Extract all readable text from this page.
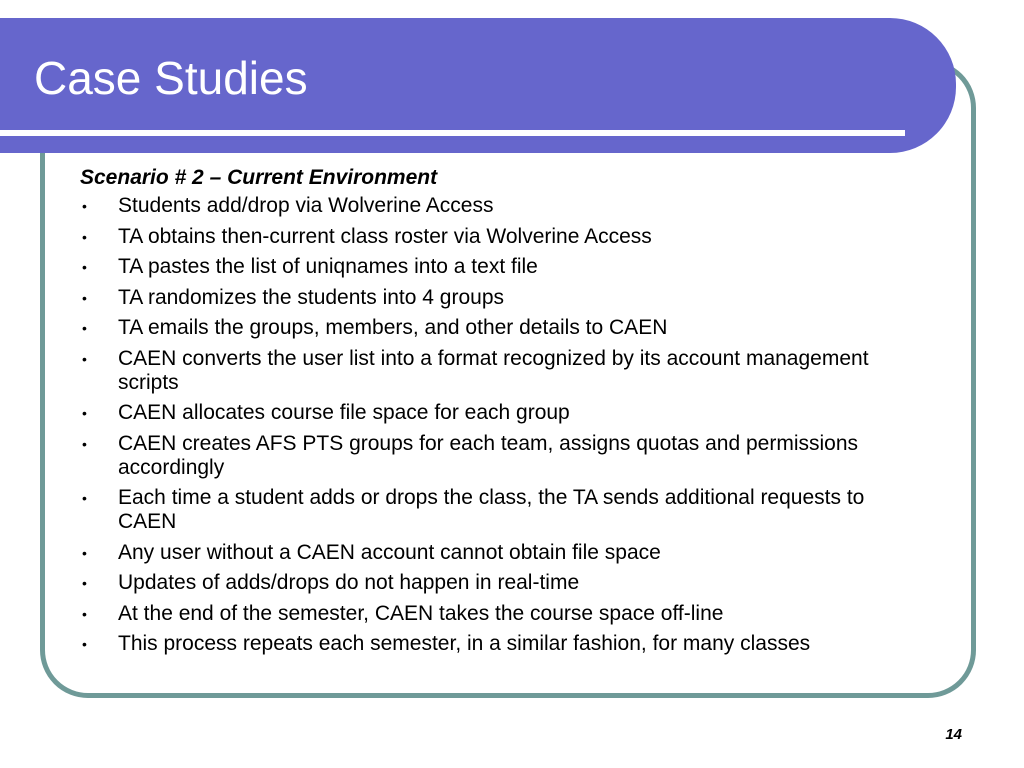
Case Studies
Scenario # 2 – Current Environment
• Students add/drop via Wolverine Access
• TA obtains then-current class roster via Wolverine Access
• TA pastes the list of uniqnames into a text file
• TA randomizes the students into 4 groups
• TA emails the groups, members, and other details to CAEN
• CAEN converts the user list into a format recognized by its account management scripts
• CAEN allocates course file space for each group
• CAEN creates AFS PTS groups for each team, assigns quotas and permissions accordingly
• Each time a student adds or drops the class, the TA sends additional requests to CAEN
• Any user without a CAEN account cannot obtain file space
• Updates of adds/drops do not happen in real-time
• At the end of the semester, CAEN takes the course space off-line
• This process repeats each semester, in a similar fashion, for many classes
14
